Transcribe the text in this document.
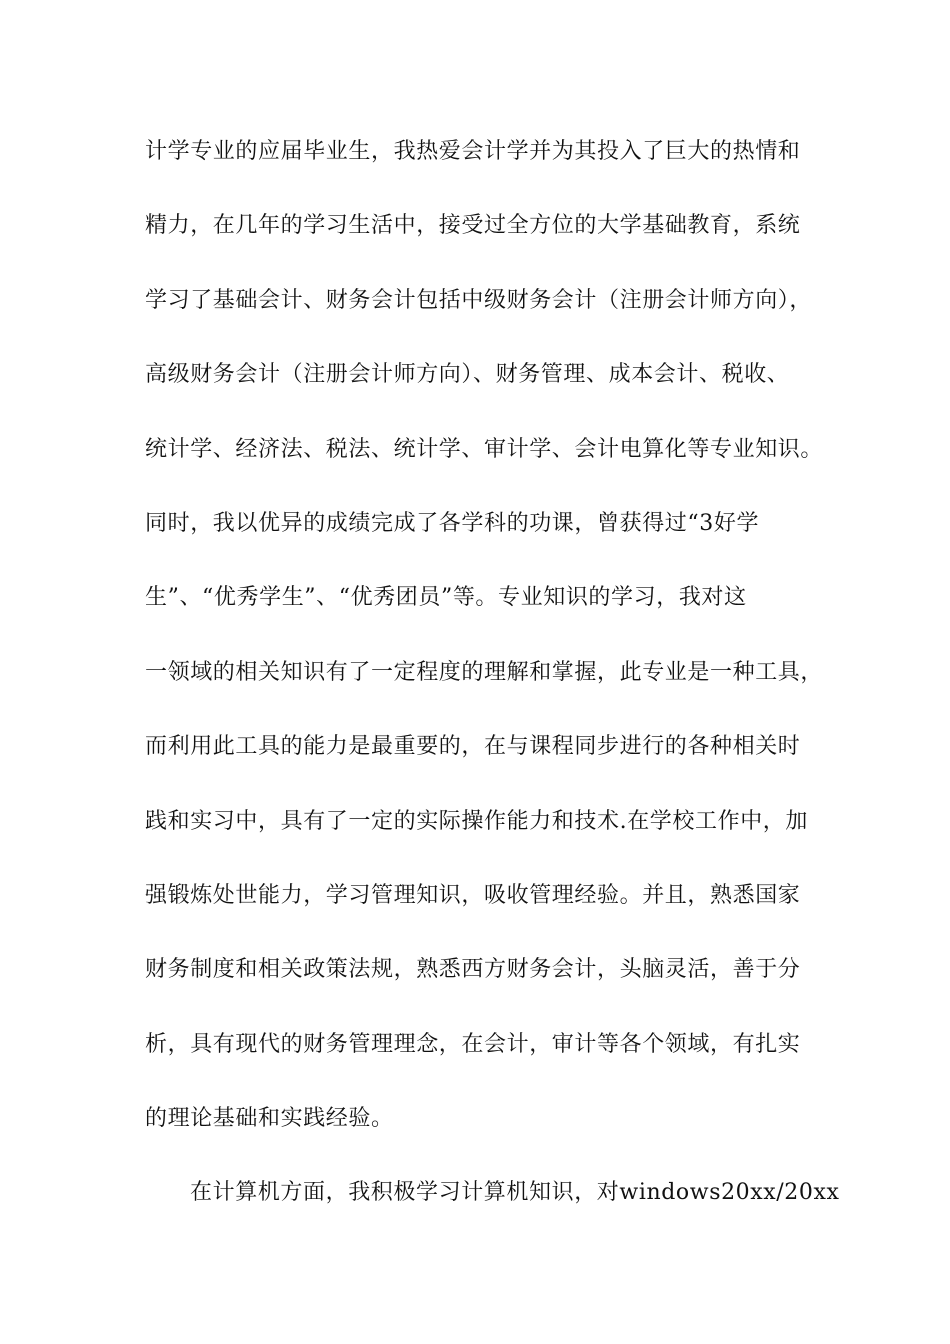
计学专业的应届毕业生，我热爱会计学并为其投入了巨大的热情和
精力，在几年的学习生活中，接受过全方位的大学基础教育，系统
学习了基础会计、财务会计包括中级财务会计（注册会计师方向），
高级财务会计（注册会计师方向）、财务管理、成本会计、税收、
统计学、经济法、税法、统计学、审计学、会计电算化等专业知识。
同时，我以优异的成绩完成了各学科的功课，曾获得过“3好学
生”、“优秀学生”、“优秀团员”等。专业知识的学习，我对这
一领域的相关知识有了一定程度的理解和掌握，此专业是一种工具，
而利用此工具的能力是最重要的，在与课程同步进行的各种相关时
践和实习中，具有了一定的实际操作能力和技术.在学校工作中，加
强锻炼处世能力，学习管理知识，吸收管理经验。并且，熟悉国家
财务制度和相关政策法规，熟悉西方财务会计，头脑灵活，善于分
析，具有现代的财务管理理念，在会计，审计等各个领域，有扎实
的理论基础和实践经验。
在计算机方面，我积极学习计算机知识，对windows20xx/20xx
